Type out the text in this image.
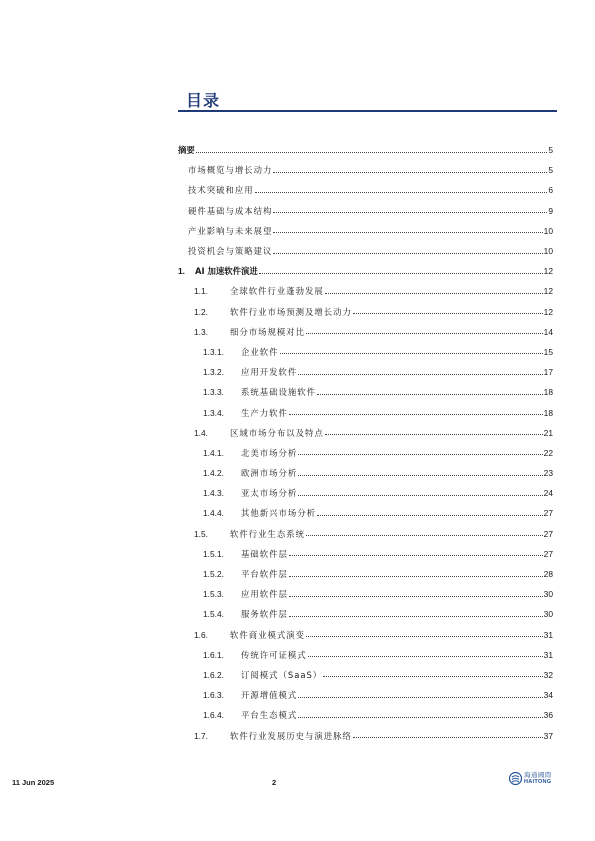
目录
摘要	5
市场概览与增长动力	5
技术突破和应用	6
硬件基础与成本结构	9
产业影响与未来展望	10
投资机会与策略建议	10
1.	AI 加速软件演进	12
1.1.	全球软件行业蓬勃发展	12
1.2.	软件行业市场预测及增长动力	12
1.3.	细分市场规模对比	14
1.3.1.	企业软件	15
1.3.2.	应用开发软件	17
1.3.3.	系统基础设施软件	18
1.3.4.	生产力软件	18
1.4.	区域市场分布以及特点	21
1.4.1.	北美市场分析	22
1.4.2.	欧洲市场分析	23
1.4.3.	亚太市场分析	24
1.4.4.	其他新兴市场分析	27
1.5.	软件行业生态系统	27
1.5.1.	基础软件层	27
1.5.2.	平台软件层	28
1.5.3.	应用软件层	30
1.5.4.	服务软件层	30
1.6.	软件商业模式演变	31
1.6.1.	传统许可证模式	31
1.6.2.	订阅模式（SaaS）	32
1.6.3.	开源增值模式	34
1.6.4.	平台生态模式	36
1.7.	软件行业发展历史与演进脉络	37
11 Jun 2025	2
海通國際
HAITONG
